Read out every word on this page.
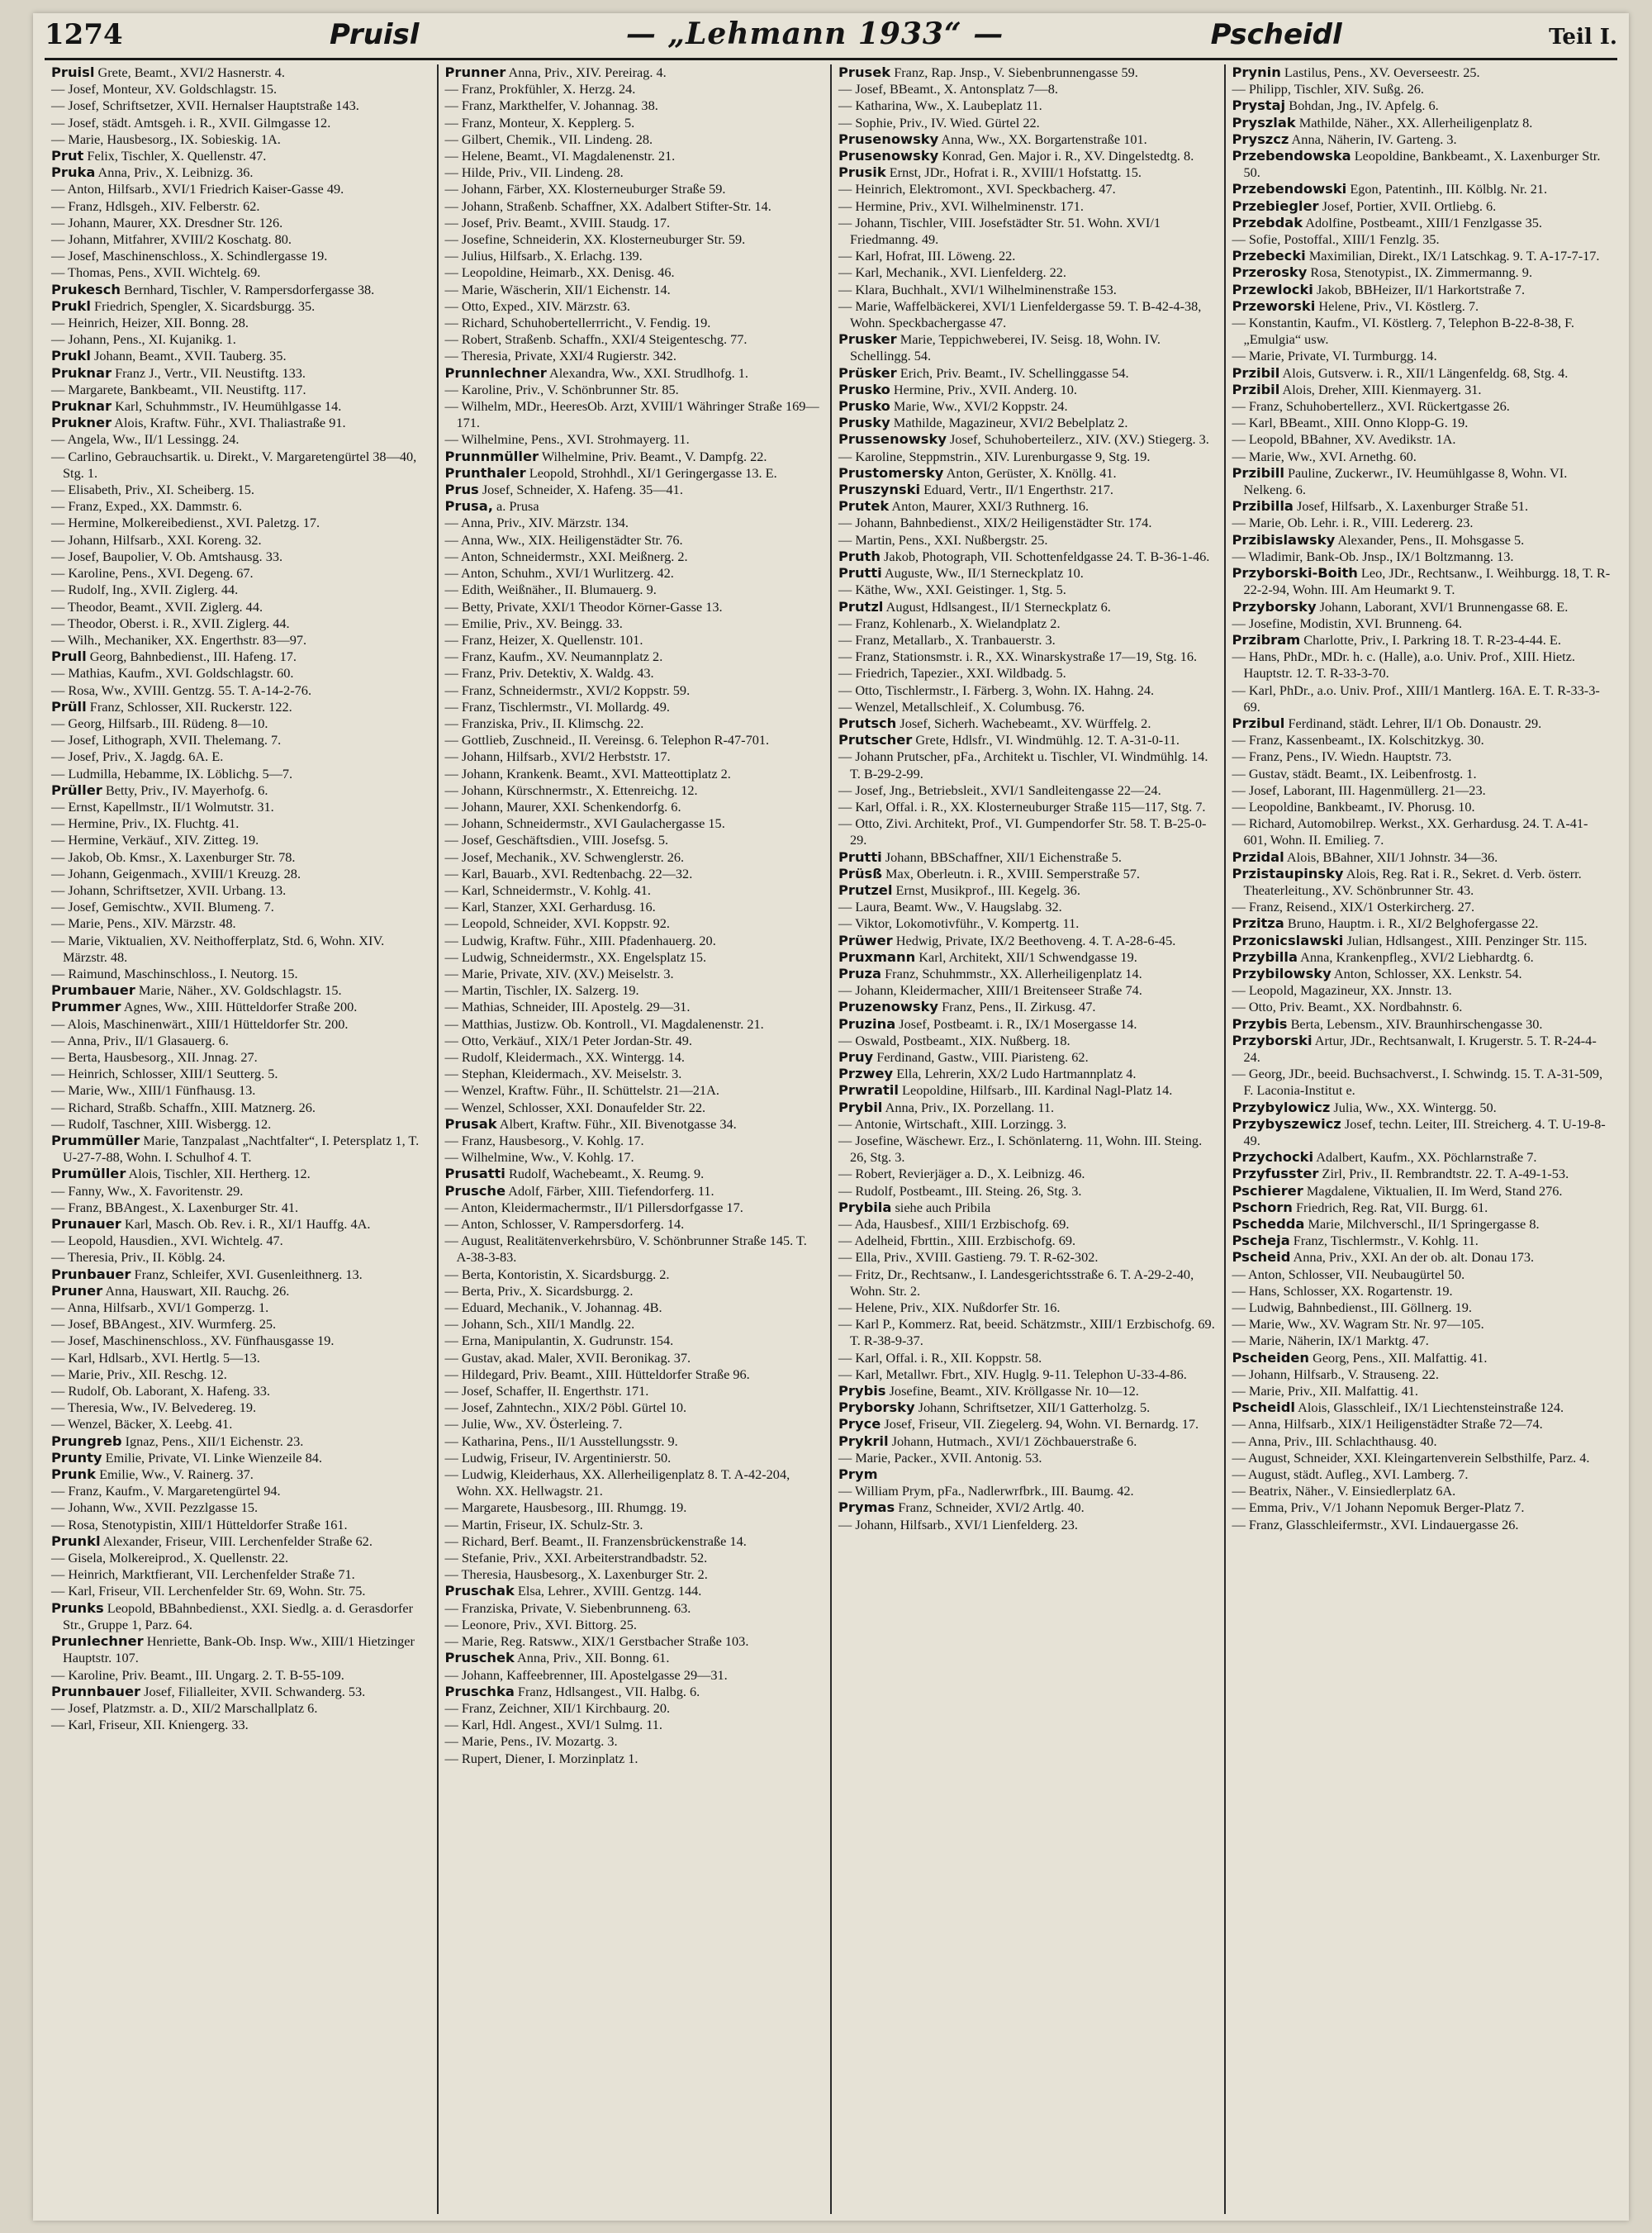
1274	Pruisl	— „Lehmann 1933“ —	Pscheidl	Teil I.

Pruisl Grete, Beamt., XVI/2 Hasnerstr. 4.

— Josef, Monteur, XV. Goldschlagstr. 15.

— Josef, Schriftsetzer, XVII. Hernalser Hauptstraße 143.

— Josef, städt. Amtsgeh. i. R., XVII. Gilmgasse 12.

— Marie, Hausbesorg., IX. Sobieskig. 1A.

Prut Felix, Tischler, X. Quellenstr. 47.

Pruka Anna, Priv., X. Leibnizg. 36.

— Anton, Hilfsarb., XVI/1 Friedrich Kaiser-Gasse 49.

— Franz, Hdlsgeh., XIV. Felberstr. 62.

— Johann, Maurer, XX. Dresdner Str. 126.

— Johann, Mitfahrer, XVIII/2 Koschatg. 80.

— Josef, Maschinenschloss., X. Schindlergasse 19.

— Thomas, Pens., XVII. Wichtelg. 69.

Prukesch Bernhard, Tischler, V. Rampersdorfergasse 38.

Prukl Friedrich, Spengler, X. Sicardsburgg. 35.

— Heinrich, Heizer, XII. Bonng. 28.

— Johann, Pens., XI. Kujanikg. 1.

Prukl Johann, Beamt., XVII. Tauberg. 35.

Pruknar Franz J., Vertr., VII. Neustiftg. 133.

— Margarete, Bankbeamt., VII. Neustiftg. 117.

Pruknar Karl, Schuhmmstr., IV. Heumühlgasse 14.

Prukner Alois, Kraftw. Führ., XVI. Thaliastraße 91.

— Angela, Ww., II/1 Lessingg. 24.

— Carlino, Gebrauchsartik. u. Direkt., V. Margaretengürtel 38—40, Stg. 1.

— Elisabeth, Priv., XI. Scheiberg. 15.

— Franz, Exped., XX. Dammstr. 6.

— Hermine, Molkereibedienst., XVI. Paletzg. 17.

— Johann, Hilfsarb., XXI. Koreng. 32.

— Josef, Baupolier, V. Ob. Amtshausg. 33.

— Karoline, Pens., XVI. Degeng. 67.

— Rudolf, Ing., XVII. Ziglerg. 44.

— Theodor, Beamt., XVII. Ziglerg. 44.

— Theodor, Oberst. i. R., XVII. Ziglerg. 44.

— Wilh., Mechaniker, XX. Engerthstr. 83—97.

Prull Georg, Bahnbedienst., III. Hafeng. 17.

— Mathias, Kaufm., XVI. Goldschlagstr. 60.

— Rosa, Ww., XVIII. Gentzg. 55. T. A-14-2-76.

Prüll Franz, Schlosser, XII. Ruckerstr. 122.

— Georg, Hilfsarb., III. Rüdeng. 8—10.

— Josef, Lithograph, XVII. Thelemang. 7.

— Josef, Priv., X. Jagdg. 6A. E.

— Ludmilla, Hebamme, IX. Löblichg. 5—7.

Prüller Betty, Priv., IV. Mayerhofg. 6.

— Ernst, Kapellmstr., II/1 Wolmutstr. 31.

— Hermine, Priv., IX. Fluchtg. 41.

— Hermine, Verkäuf., XIV. Zitteg. 19.

— Jakob, Ob. Kmsr., X. Laxenburger Str. 78.

— Johann, Geigenmach., XVIII/1 Kreuzg. 28.

— Johann, Schriftsetzer, XVII. Urbang. 13.

— Josef, Gemischtw., XVII. Blumeng. 7.

— Marie, Pens., XIV. Märzstr. 48.

— Marie, Viktualien, XV. Neithofferplatz, Std. 6, Wohn. XIV. Märzstr. 48.

— Raimund, Maschinschloss., I. Neutorg. 15.

Prumbauer Marie, Näher., XV. Goldschlagstr. 15.

Prummer Agnes, Ww., XIII. Hütteldorfer Straße 200.

— Alois, Maschinenwärt., XIII/1 Hütteldorfer Str. 200.

— Anna, Priv., II/1 Glasauerg. 6.

— Berta, Hausbesorg., XII. Jnnag. 27.

— Heinrich, Schlosser, XIII/1 Seutterg. 5.

— Marie, Ww., XIII/1 Fünfhausg. 13.

— Richard, Straßb. Schaffn., XIII. Matznerg. 26.

— Rudolf, Taschner, XIII. Wisbergg. 12.

Prummüller Marie, Tanzpalast „Nachtfalter“, I. Petersplatz 1, T. U-27-7-88, Wohn. I. Schulhof 4. T.

Prumüller Alois, Tischler, XII. Hertherg. 12.

— Fanny, Ww., X. Favoritenstr. 29.

— Franz, BBAngest., X. Laxenburger Str. 41.

Prunauer Karl, Masch. Ob. Rev. i. R., XI/1 Hauffg. 4A.

— Leopold, Hausdien., XVI. Wichtelg. 47.

— Theresia, Priv., II. Köblg. 24.

Prunbauer Franz, Schleifer, XVI. Gusenleithnerg. 13.

Pruner Anna, Hauswart, XII. Rauchg. 26.

— Anna, Hilfsarb., XVI/1 Gomperzg. 1.

— Josef, BBAngest., XIV. Wurmferg. 25.

— Josef, Maschinenschloss., XV. Fünfhausgasse 19.

— Karl, Hdlsarb., XVI. Hertlg. 5—13.

— Marie, Priv., XII. Reschg. 12.

— Rudolf, Ob. Laborant, X. Hafeng. 33.

— Theresia, Ww., IV. Belvedereg. 19.

— Wenzel, Bäcker, X. Leebg. 41.

Prungreb Ignaz, Pens., XII/1 Eichenstr. 23.

Prunty Emilie, Private, VI. Linke Wienzeile 84.

Prunk Emilie, Ww., V. Rainerg. 37.

— Franz, Kaufm., V. Margaretengürtel 94.

— Johann, Ww., XVII. Pezzlgasse 15.

— Rosa, Stenotypistin, XIII/1 Hütteldorfer Straße 161.

Prunkl Alexander, Friseur, VIII. Lerchenfelder Straße 62.

— Gisela, Molkereiprod., X. Quellenstr. 22.

— Heinrich, Marktfierant, VII. Lerchenfelder Straße 71.

— Karl, Friseur, VII. Lerchenfelder Str. 69, Wohn. Str. 75.

Prunks Leopold, BBahnbedienst., XXI. Siedlg. a. d. Gerasdorfer Str., Gruppe 1, Parz. 64.

Prunlechner Henriette, Bank-Ob. Insp. Ww., XIII/1 Hietzinger Hauptstr. 107.

— Karoline, Priv. Beamt., III. Ungarg. 2. T. B-55-109.

Prunnbauer Josef, Filialleiter, XVII. Schwanderg. 53.

— Josef, Platzmstr. a. D., XII/2 Marschallplatz 6.

— Karl, Friseur, XII. Kniengerg. 33.

Prunner Anna, Priv., XIV. Pereirag. 4.

— Franz, Prokfühler, X. Herzg. 24.

— Franz, Markthelfer, V. Johannag. 38.

— Franz, Monteur, X. Kepplerg. 5.

— Gilbert, Chemik., VII. Lindeng. 28.

— Helene, Beamt., VI. Magdalenenstr. 21.

— Hilde, Priv., VII. Lindeng. 28.

— Johann, Färber, XX. Klosterneuburger Straße 59.

— Johann, Straßenb. Schaffner, XX. Adalbert Stifter-Str. 14.

— Josef, Priv. Beamt., XVIII. Staudg. 17.

— Josefine, Schneiderin, XX. Klosterneuburger Str. 59.

— Julius, Hilfsarb., X. Erlachg. 139.

— Leopoldine, Heimarb., XX. Denisg. 46.

— Marie, Wäscherin, XII/1 Eichenstr. 14.

— Otto, Exped., XIV. Märzstr. 63.

— Richard, Schuhobertellerrricht., V. Fendig. 19.

— Robert, Straßenb. Schaffn., XXI/4 Steigenteschg. 77.

— Theresia, Private, XXI/4 Rugierstr. 342.

Prunnlechner Alexandra, Ww., XXI. Strudlhofg. 1.

— Karoline, Priv., V. Schönbrunner Str. 85.

— Wilhelm, MDr., HeeresOb. Arzt, XVIII/1 Währinger Straße 169—171.

— Wilhelmine, Pens., XVI. Strohmayerg. 11.

Prunnmüller Wilhelmine, Priv. Beamt., V. Dampfg. 22.

Prunthaler Leopold, Strohhdl., XI/1 Geringergasse 13. E.

Prus Josef, Schneider, X. Hafeng. 35—41.

Prusa, a. Prusa

— Anna, Priv., XIV. Märzstr. 134.

— Anna, Ww., XIX. Heiligenstädter Str. 76.

— Anton, Schneidermstr., XXI. Meißnerg. 2.

— Anton, Schuhm., XVI/1 Wurlitzerg. 42.

— Edith, Weißnäher., II. Blumauerg. 9.

— Betty, Private, XXI/1 Theodor Körner-Gasse 13.

— Emilie, Priv., XV. Beingg. 33.

— Franz, Heizer, X. Quellenstr. 101.

— Franz, Kaufm., XV. Neumannplatz 2.

— Franz, Priv. Detektiv, X. Waldg. 43.

— Franz, Schneidermstr., XVI/2 Koppstr. 59.

— Franz, Tischlermstr., VI. Mollardg. 49.

— Franziska, Priv., II. Klimschg. 22.

— Gottlieb, Zuschneid., II. Vereinsg. 6. Telephon R-47-701.

— Johann, Hilfsarb., XVI/2 Herbststr. 17.

— Johann, Krankenk. Beamt., XVI. Matteottiplatz 2.

— Johann, Kürschnermstr., X. Ettenreichg. 12.

— Johann, Maurer, XXI. Schenkendorfg. 6.

— Johann, Schneidermstr., XVI Gaulachergasse 15.

— Josef, Geschäftsdien., VIII. Josefsg. 5.

— Josef, Mechanik., XV. Schwenglerstr. 26.

— Karl, Bauarb., XVI. Redtenbachg. 22—32.

— Karl, Schneidermstr., V. Kohlg. 41.

— Karl, Stanzer, XXI. Gerhardusg. 16.

— Leopold, Schneider, XVI. Koppstr. 92.

— Ludwig, Kraftw. Führ., XIII. Pfadenhauerg. 20.

— Ludwig, Schneidermstr., XX. Engelsplatz 15.

— Marie, Private, XIV. (XV.) Meiselstr. 3.

— Martin, Tischler, IX. Salzerg. 19.

— Mathias, Schneider, III. Apostelg. 29—31.

— Matthias, Justizw. Ob. Kontroll., VI. Magdalenenstr. 21.

— Otto, Verkäuf., XIX/1 Peter Jordan-Str. 49.

— Rudolf, Kleidermach., XX. Wintergg. 14.

— Stephan, Kleidermach., XV. Meiselstr. 3.

— Wenzel, Kraftw. Führ., II. Schüttelstr. 21—21A.

— Wenzel, Schlosser, XXI. Donaufelder Str. 22.

Prusak Albert, Kraftw. Führ., XII. Bivenotgasse 34.

— Franz, Hausbesorg., V. Kohlg. 17.

— Wilhelmine, Ww., V. Kohlg. 17.

Prusatti Rudolf, Wachebeamt., X. Reumg. 9.

Prusche Adolf, Färber, XIII. Tiefendorferg. 11.

— Anton, Kleidermachermstr., II/1 Pillersdorfgasse 17.

— Anton, Schlosser, V. Rampersdorferg. 14.

— August, Realitätenverkehrsbüro, V. Schönbrunner Straße 145. T. A-38-3-83.

— Berta, Kontoristin, X. Sicardsburgg. 2.

— Berta, Priv., X. Sicardsburgg. 2.

— Eduard, Mechanik., V. Johannag. 4B.

— Johann, Sch., XII/1 Mandlg. 22.

— Erna, Manipulantin, X. Gudrunstr. 154.

— Gustav, akad. Maler, XVII. Beronikag. 37.

— Hildegard, Priv. Beamt., XIII. Hütteldorfer Straße 96.

— Josef, Schaffer, II. Engerthstr. 171.

— Josef, Zahntechn., XIX/2 Pöbl. Gürtel 10.

— Julie, Ww., XV. Österleing. 7.

— Katharina, Pens., II/1 Ausstellungsstr. 9.

— Ludwig, Friseur, IV. Argentinierstr. 50.

— Ludwig, Kleiderhaus, XX. Allerheiligenplatz 8. T. A-42-204, Wohn. XX. Hellwagstr. 21.

— Margarete, Hausbesorg., III. Rhumgg. 19.

— Martin, Friseur, IX. Schulz-Str. 3.

— Richard, Berf. Beamt., II. Franzensbrückenstraße 14.

— Stefanie, Priv., XXI. Arbeiterstrandbadstr. 52.

— Theresia, Hausbesorg., X. Laxenburger Str. 2.

Pruschak Elsa, Lehrer., XVIII. Gentzg. 144.

— Franziska, Private, V. Siebenbrunneng. 63.

— Leonore, Priv., XVI. Bittorg. 25.

— Marie, Reg. Ratsww., XIX/1 Gerstbacher Straße 103.

Pruschek Anna, Priv., XII. Bonng. 61.

— Johann, Kaffeebrenner, III. Apostelgasse 29—31.

Pruschka Franz, Hdlsangest., VII. Halbg. 6.

— Franz, Zeichner, XII/1 Kirchbaurg. 20.

— Karl, Hdl. Angest., XVI/1 Sulmg. 11.

— Marie, Pens., IV. Mozartg. 3.

— Rupert, Diener, I. Morzinplatz 1.

Prusek Franz, Rap. Jnsp., V. Siebenbrunnengasse 59.

— Josef, BBeamt., X. Antonsplatz 7—8.

— Katharina, Ww., X. Laubeplatz 11.

— Sophie, Priv., IV. Wied. Gürtel 22.

Prusenowsky Anna, Ww., XX. Borgartenstraße 101.

Prusenowsky Konrad, Gen. Major i. R., XV. Dingelstedtg. 8.

Prusik Ernst, JDr., Hofrat i. R., XVIII/1 Hofstattg. 15.

— Heinrich, Elektromont., XVI. Speckbacherg. 47.

— Hermine, Priv., XVI. Wilhelminenstr. 171.

— Johann, Tischler, VIII. Josefstädter Str. 51. Wohn. XVI/1 Friedmanng. 49.

— Karl, Hofrat, III. Löweng. 22.

— Karl, Mechanik., XVI. Lienfelderg. 22.

— Klara, Buchhalt., XVI/1 Wilhelminenstraße 153.

— Marie, Waffelbäckerei, XVI/1 Lienfeldergasse 59. T. B-42-4-38, Wohn. Speckbachergasse 47.

Prusker Marie, Teppichweberei, IV. Seisg. 18, Wohn. IV. Schellingg. 54.

Prüsker Erich, Priv. Beamt., IV. Schellinggasse 54.

Prusko Hermine, Priv., XVII. Anderg. 10.

Prusko Marie, Ww., XVI/2 Koppstr. 24.

Prusky Mathilde, Magazineur, XVI/2 Bebelplatz 2.

Prussenowsky Josef, Schuhoberteilerz., XIV. (XV.) Stiegerg. 3.

— Karoline, Steppmstrin., XIV. Lurenburgasse 9, Stg. 19.

Prustomersky Anton, Gerüster, X. Knöllg. 41.

Pruszynski Eduard, Vertr., II/1 Engerthstr. 217.

Prutek Anton, Maurer, XXI/3 Ruthnerg. 16.

— Johann, Bahnbedienst., XIX/2 Heiligenstädter Str. 174.

— Martin, Pens., XXI. Nußbergstr. 25.

Pruth Jakob, Photograph, VII. Schottenfeldgasse 24. T. B-36-1-46.

Prutti Auguste, Ww., II/1 Sterneckplatz 10.

— Käthe, Ww., XXI. Geistinger. 1, Stg. 5.

Prutzl August, Hdlsangest., II/1 Sterneckplatz 6.

— Franz, Kohlenarb., X. Wielandplatz 2.

— Franz, Metallarb., X. Tranbauerstr. 3.

— Franz, Stationsmstr. i. R., XX. Winarskystraße 17—19, Stg. 16.

— Friedrich, Tapezier., XXI. Wildbadg. 5.

— Otto, Tischlermstr., I. Färberg. 3, Wohn. IX. Hahng. 24.

— Wenzel, Metallschleif., X. Columbusg. 76.

Prutsch Josef, Sicherh. Wachebeamt., XV. Würffelg. 2.

Prutscher Grete, Hdlsfr., VI. Windmühlg. 12. T. A-31-0-11.

— Johann Prutscher, pFa., Architekt u. Tischler, VI. Windmühlg. 14. T. B-29-2-99.

— Josef, Jng., Betriebsleit., XVI/1 Sandleitengasse 22—24.

— Karl, Offal. i. R., XX. Klosterneuburger Straße 115—117, Stg. 7.

— Otto, Zivi. Architekt, Prof., VI. Gumpendorfer Str. 58. T. B-25-0-29.

Prutti Johann, BBSchaffner, XII/1 Eichenstraße 5.

Prüsß Max, Oberleutn. i. R., XVIII. Semperstraße 57.

Prutzel Ernst, Musikprof., III. Kegelg. 36.

— Laura, Beamt. Ww., V. Haugslabg. 32.

— Viktor, Lokomotivführ., V. Kompertg. 11.

Prüwer Hedwig, Private, IX/2 Beethoveng. 4. T. A-28-6-45.

Pruxmann Karl, Architekt, XII/1 Schwendgasse 19.

Pruza Franz, Schuhmmstr., XX. Allerheiligenplatz 14.

— Johann, Kleidermacher, XIII/1 Breitenseer Straße 74.

Pruzenowsky Franz, Pens., II. Zirkusg. 47.

Pruzina Josef, Postbeamt. i. R., IX/1 Mosergasse 14.

— Oswald, Postbeamt., XIX. Nußberg. 18.

Pruy Ferdinand, Gastw., VIII. Piaristeng. 62.

Przwey Ella, Lehrerin, XX/2 Ludo Hartmannplatz 4.

Prwratil Leopoldine, Hilfsarb., III. Kardinal Nagl-Platz 14.

Prybil Anna, Priv., IX. Porzellang. 11.

— Antonie, Wirtschaft., XIII. Lorzingg. 3.

— Josefine, Wäschewr. Erz., I. Schönlaterng. 11, Wohn. III. Steing. 26, Stg. 3.

— Robert, Revierjäger a. D., X. Leibnizg. 46.

— Rudolf, Postbeamt., III. Steing. 26, Stg. 3.

Prybila siehe auch Pribila

— Ada, Hausbesf., XIII/1 Erzbischofg. 69.

— Adelheid, Fbrttin., XIII. Erzbischofg. 69.

— Ella, Priv., XVIII. Gastieng. 79. T. R-62-302.

— Fritz, Dr., Rechtsanw., I. Landesgerichtsstraße 6. T. A-29-2-40, Wohn. Str. 2.

— Helene, Priv., XIX. Nußdorfer Str. 16.

— Karl P., Kommerz. Rat, beeid. Schätzmstr., XIII/1 Erzbischofg. 69. T. R-38-9-37.

— Karl, Offal. i. R., XII. Koppstr. 58.

— Karl, Metallwr. Fbrt., XIV. Huglg. 9-11. Telephon U-33-4-86.

Prybis Josefine, Beamt., XIV. Kröllgasse Nr. 10—12.

Pryborsky Johann, Schriftsetzer, XII/1 Gatterholzg. 5.

Pryce Josef, Friseur, VII. Ziegelerg. 94, Wohn. VI. Bernardg. 17.

Prykril Johann, Hutmach., XVI/1 Zöchbauerstraße 6.

— Marie, Packer., XVII. Antonig. 53.

Prym

— William Prym, pFa., Nadlerwrfbrk., III. Baumg. 42.

Prymas Franz, Schneider, XVI/2 Artlg. 40.

— Johann, Hilfsarb., XVI/1 Lienfelderg. 23.

Prynin Lastilus, Pens., XV. Oeverseestr. 25.

— Philipp, Tischler, XIV. Sußg. 26.

Prystaj Bohdan, Jng., IV. Apfelg. 6.

Pryszlak Mathilde, Näher., XX. Allerheiligenplatz 8.

Pryszcz Anna, Näherin, IV. Garteng. 3.

Przebendowska Leopoldine, Bankbeamt., X. Laxenburger Str. 50.

Przebendowski Egon, Patentinh., III. Kölblg. Nr. 21.

Przebiegler Josef, Portier, XVII. Ortliebg. 6.

Przebdak Adolfine, Postbeamt., XIII/1 Fenzlgasse 35.

— Sofie, Postoffal., XIII/1 Fenzlg. 35.

Przebecki Maximilian, Direkt., IX/1 Latschkag. 9. T. A-17-7-17.

Przerosky Rosa, Stenotypist., IX. Zimmermanng. 9.

Przewlocki Jakob, BBHeizer, II/1 Harkortstraße 7.

Przeworski Helene, Priv., VI. Köstlerg. 7.

— Konstantin, Kaufm., VI. Köstlerg. 7, Telephon B-22-8-38, F. „Emulgia“ usw.

— Marie, Private, VI. Turmburgg. 14.

Przibil Alois, Gutsverw. i. R., XII/1 Längenfeldg. 68, Stg. 4.

Przibil Alois, Dreher, XIII. Kienmayerg. 31.

— Franz, Schuhobertellerz., XVI. Rückertgasse 26.

— Karl, BBeamt., XIII. Onno Klopp-G. 19.

— Leopold, BBahner, XV. Avedikstr. 1A.

— Marie, Ww., XVI. Arnethg. 60.

Przibill Pauline, Zuckerwr., IV. Heumühlgasse 8, Wohn. VI. Nelkeng. 6.

Przibilla Josef, Hilfsarb., X. Laxenburger Straße 51.

— Marie, Ob. Lehr. i. R., VIII. Ledererg. 23.

Przibislawsky Alexander, Pens., II. Mohsgasse 5.

— Wladimir, Bank-Ob. Jnsp., IX/1 Boltzmanng. 13.

Przyborski-Boith Leo, JDr., Rechtsanw., I. Weihburgg. 18, T. R-22-2-94, Wohn. III. Am Heumarkt 9. T.

Przyborsky Johann, Laborant, XVI/1 Brunnengasse 68. E.

— Josefine, Modistin, XVI. Brunneng. 64.

Przibram Charlotte, Priv., I. Parkring 18. T. R-23-4-44. E.

— Hans, PhDr., MDr. h. c. (Halle), a.o. Univ. Prof., XIII. Hietz. Hauptstr. 12. T. R-33-3-70.

— Karl, PhDr., a.o. Univ. Prof., XIII/1 Mantlerg. 16A. E. T. R-33-3-69.

Przibul Ferdinand, städt. Lehrer, II/1 Ob. Donaustr. 29.

— Franz, Kassenbeamt., IX. Kolschitzkyg. 30.

— Franz, Pens., IV. Wiedn. Hauptstr. 73.

— Gustav, städt. Beamt., IX. Leibenfrostg. 1.

— Josef, Laborant, III. Hagenmüllerg. 21—23.

— Leopoldine, Bankbeamt., IV. Phorusg. 10.

— Richard, Automobilrep. Werkst., XX. Gerhardusg. 24. T. A-41-601, Wohn. II. Emilieg. 7.

Przidal Alois, BBahner, XII/1 Johnstr. 34—36.

Przistaupinsky Alois, Reg. Rat i. R., Sekret. d. Verb. österr. Theaterleitung., XV. Schönbrunner Str. 43.

— Franz, Reisend., XIX/1 Osterkircherg. 27.

Przitza Bruno, Hauptm. i. R., XI/2 Belghofergasse 22.

Przonicslawski Julian, Hdlsangest., XIII. Penzinger Str. 115.

Przybilla Anna, Krankenpfleg., XVI/2 Liebhardtg. 6.

Przybilowsky Anton, Schlosser, XX. Lenkstr. 54.

— Leopold, Magazineur, XX. Jnnstr. 13.

— Otto, Priv. Beamt., XX. Nordbahnstr. 6.

Przybis Berta, Lebensm., XIV. Braunhirschengasse 30.

Przyborski Artur, JDr., Rechtsanwalt, I. Krugerstr. 5. T. R-24-4-24.

— Georg, JDr., beeid. Buchsachverst., I. Schwindg. 15. T. A-31-509, F. Laconia-Institut e.

Przybylowicz Julia, Ww., XX. Wintergg. 50.

Przybyszewicz Josef, techn. Leiter, III. Streicherg. 4. T. U-19-8-49.

Przychocki Adalbert, Kaufm., XX. Pöchlarnstraße 7.

Przyfusster Zirl, Priv., II. Rembrandtstr. 22. T. A-49-1-53.

Pschierer Magdalene, Viktualien, II. Im Werd, Stand 276.

Pschorn Friedrich, Reg. Rat, VII. Burgg. 61.

Pschedda Marie, Milchverschl., II/1 Springergasse 8.

Pscheja Franz, Tischlermstr., V. Kohlg. 11.

Pscheid Anna, Priv., XXI. An der ob. alt. Donau 173.

— Anton, Schlosser, VII. Neubaugürtel 50.

— Hans, Schlosser, XX. Rogartenstr. 19.

— Ludwig, Bahnbedienst., III. Göllnerg. 19.

— Marie, Ww., XV. Wagram Str. Nr. 97—105.

— Marie, Näherin, IX/1 Marktg. 47.

Pscheiden Georg, Pens., XII. Malfattig. 41.

— Johann, Hilfsarb., V. Strauseng. 22.

— Marie, Priv., XII. Malfattig. 41.

Pscheidl Alois, Glasschleif., IX/1 Liechtensteinstraße 124.

— Anna, Hilfsarb., XIX/1 Heiligenstädter Straße 72—74.

— Anna, Priv., III. Schlachthausg. 40.

— August, Schneider, XXI. Kleingartenverein Selbsthilfe, Parz. 4.

— August, städt. Aufleg., XVI. Lamberg. 7.

— Beatrix, Näher., V. Einsiedlerplatz 6A.

— Emma, Priv., V/1 Johann Nepomuk Berger-Platz 7.

— Franz, Glasschleifermstr., XVI. Lindauergasse 26.
